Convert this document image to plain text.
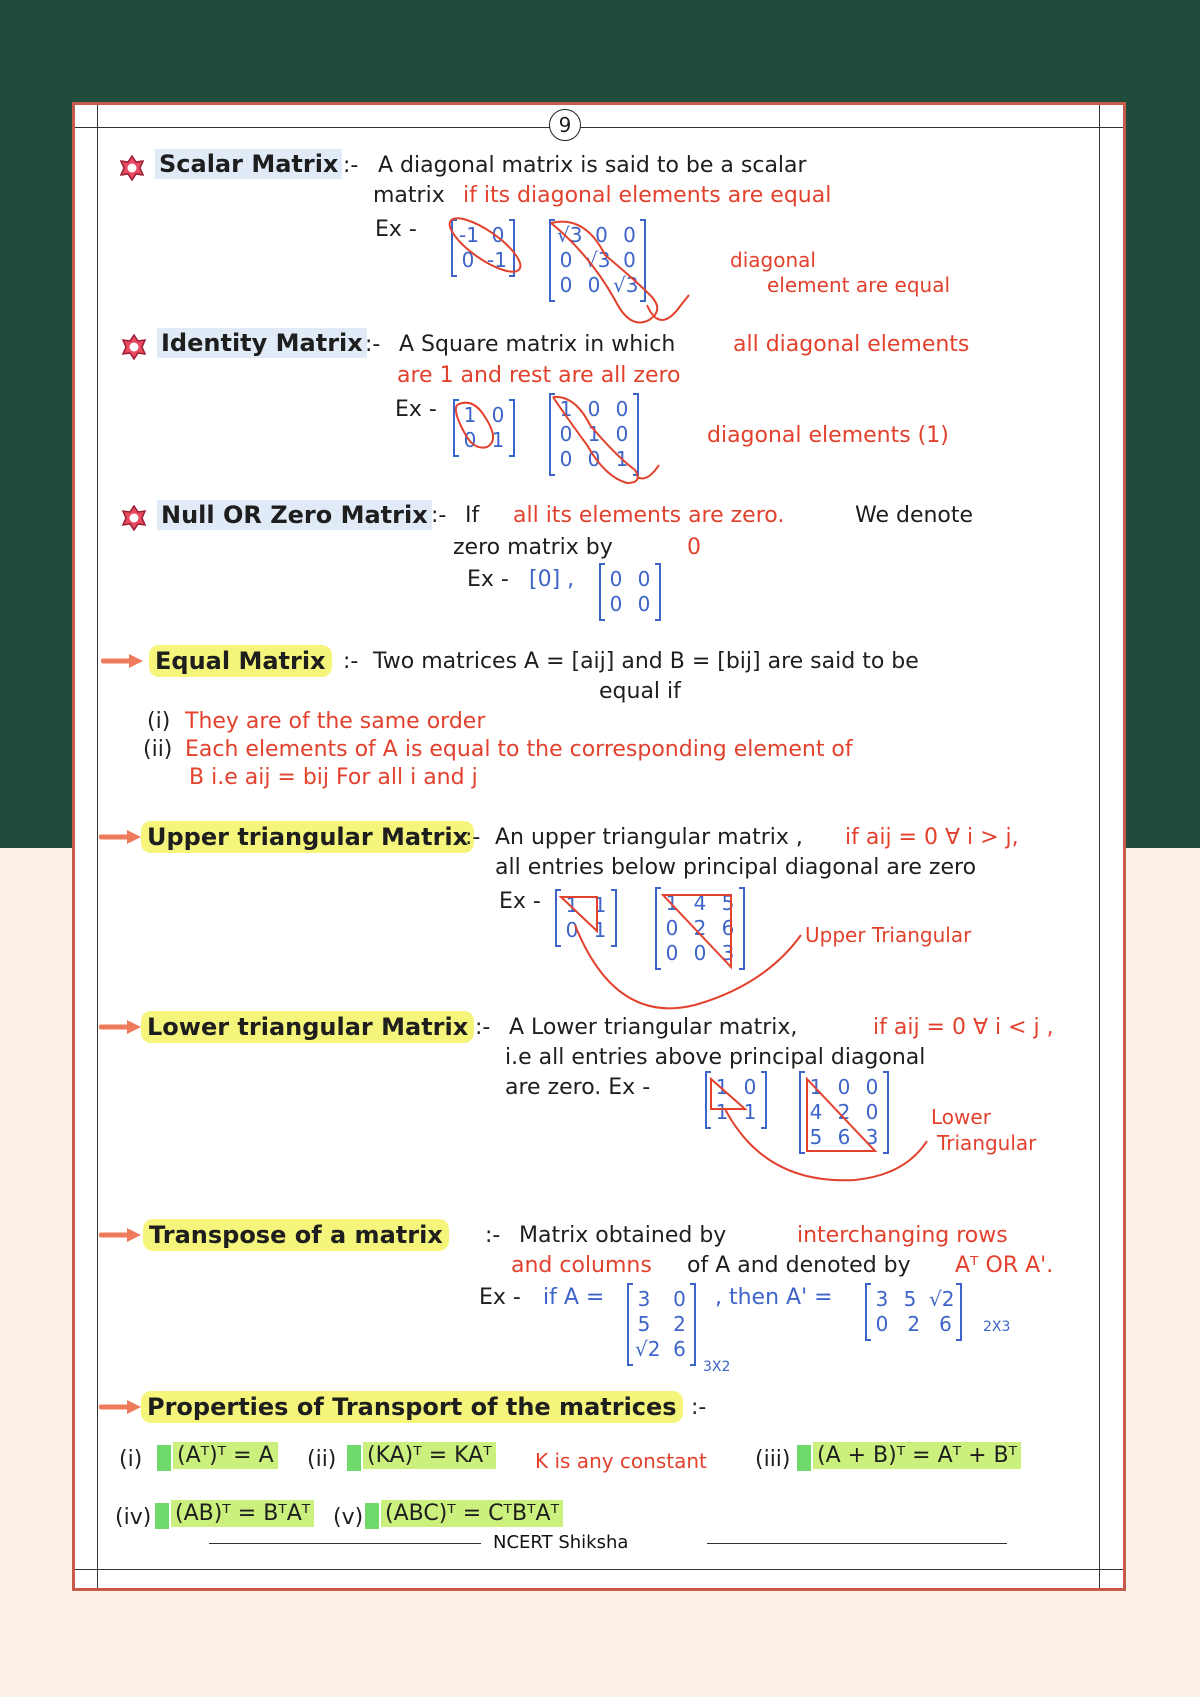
9
Scalar Matrix :- A diagonal matrix is said to be a scalar
matrix if its diagonal elements are equal
Ex - -1 0
0 -1
√3 0 0
0 √3 0
0 0 √3
diagonal
element are equal
Identity Matrix :- A Square matrix in which	all diagonal elements
are 1 and rest are all zero
Ex - 1 0
0 1
1 0 0
0 1 0
0 0 1
diagonal elements (1)
Null OR Zero Matrix :- If all its elements are zero.	We denote
zero matrix by	0
Ex - [0] , 0 0
0 0
Equal Matrix :- Two matrices A = [aij] and B = [bij] are said to be
equal if
(i) They are of the same order
(ii) Each elements of A is equal to the corresponding element of
B i.e aij = bij For all i and j
Upper triangular Matrix
:- An upper triangular matrix , if aij = 0 ∀ i > j,
all entries below principal diagonal are zero
Ex - 1 1
0 1
1 4 5
0 2 6
0 0 3
Upper Triangular
Lower triangular Matrix :- A Lower triangular matrix,	if aij = 0 ∀ i < j ,
i.e all entries above principal diagonal
are zero. Ex -	1 0
1 1
1 0 0
4 2 0
5 6 3
Lower
Triangular
Transpose of a matrix :- Matrix obtained by	interchanging rows
and columns of A and denoted by Aᵀ OR A'.
Ex - if A = 3 0
5 2
√2 6
3X2
, then A' = 3 5 √2
0 2 6 2X3
Properties of Transport of the matrices :-
(i)	(Aᵀ)ᵀ = A (ii)	(KA)ᵀ = KAᵀ K is any constant (iii)	(A + B)ᵀ = Aᵀ + Bᵀ
(iv)	(AB)ᵀ = BᵀAᵀ (v) (ABC)ᵀ = CᵀBᵀAᵀ
NCERT Shiksha
